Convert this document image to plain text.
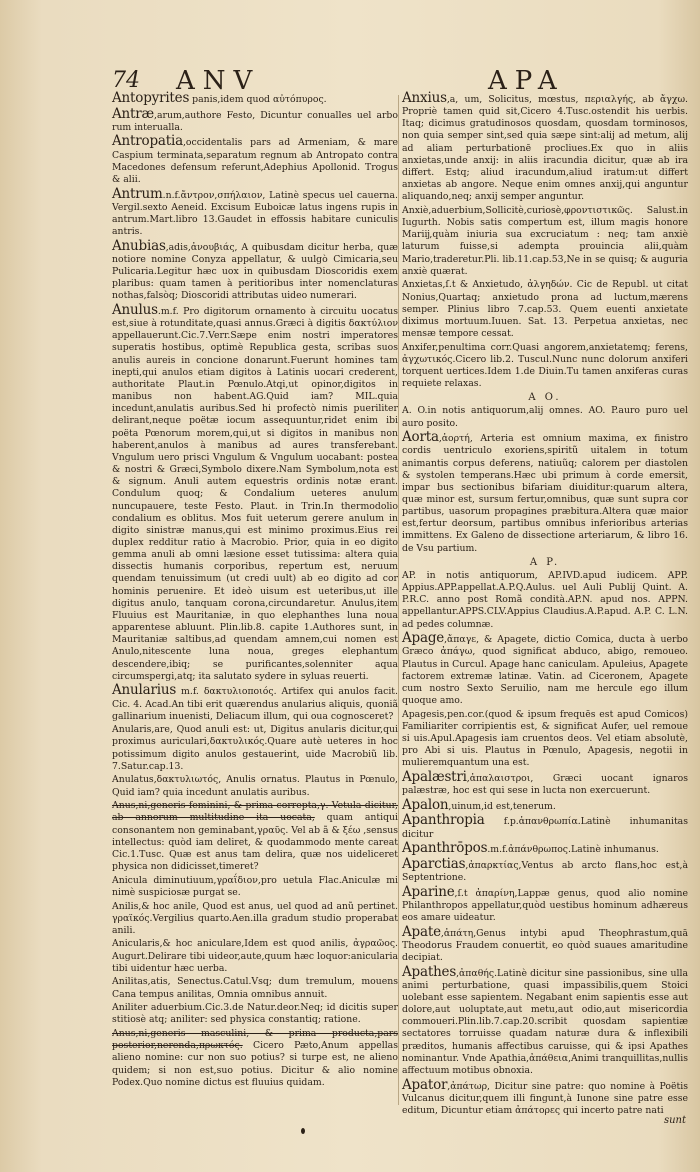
74 ANV	APA
Antopyrites panis,idem quod αὐτόπυρος.
Antræ,arum,authore Festo, Dicuntur conualles uel arbo rum interualla.
Antropatia,occidentalis pars ad Armeniam, & mare Caspium terminata,separatum regnum ab Antropato contra Macedones defensum referunt,Adephius Apollonid. Trogus & alii.
Antrum.n.f.ἄντρον,σπήλαιον, Latinè specus uel cauerna. Vergil.sexto Aeneid. Excisum Euboicæ latus ingens rupis in antrum.Mart.libro 13.Gaudet in effossis habitare cuniculis antris.
Anubias,adis,ἀνουβιάς, A quibusdam dicitur herba, quæ notiore nomine Conyza appellatur, & uulgò Cimicaria,seu Pulicaria.Legitur hæc uox in quibusdam Dioscoridis exem plaribus: quam tamen à peritioribus inter nomenclaturas nothas,falsòq; Dioscoridi attributas uideo numerari.
Anulus.m.f. Pro digitorum ornamento à circuitu uocatus est,siue à rotunditate,quasi annus.Græci à digitis δακτύλιον appellauerunt.Cic.7.Verr.Sæpe enim nostri imperatores superatis hostibus, optimè Republica gesta, scribas suos anulis aureis in concione donarunt.Fuerunt homines tam inepti,qui anulos etiam digitos à Latinis uocari crederent, authoritate Plaut.in Pœnulo.Atqi,ut opinor,digitos in manibus non habent.AG.Quid iam? MIL.quia incedunt,anulatis auribus.Sed hi profectò nimis pueriliter delirant,neque poëtæ iocum assequuntur,ridet enim ibi poëta Pœnorum morem,qui,ut si digitos in manibus non haberent,anulos à manibus ad aures transferebant. Vngulum uero prisci Vngulum & Vngulum uocabant: postea & nostri & Græci,Symbolo dixere.Nam Symbolum,nota est & signum. Anuli autem equestris ordinis notæ erant. Condulum quoq; & Condalium ueteres anulum nuncupauere, teste Festo. Plaut. in Trin.In thermodolio condalium es oblitus. Mos fuit ueterum gerere anulum in digito sinistræ manus,qui est minimo proximus.Eius rei duplex redditur ratio à Macrobio. Prior, quia in eo digito gemma anuli ab omni læsione esset tutissima: altera quia dissectis humanis corporibus, repertum est, neruum quendam tenuissimum (ut credi uult) ab eo digito ad cor hominis peruenire. Et ideò uisum est ueteribus,ut ille digitus anulo, tanquam corona,circundaretur. Anulus,item Fluuius est Mauritaniæ, in quo elephanthes luna noua apparentese abluunt. Plin.lib.8. capite 1.Authores sunt, in Mauritaniæ saltibus,ad quendam amnem,cui nomen est Anulo,nitescente luna noua, greges elephantum descendere,ibiq; se purificantes,solenniter aqua circumspergi,atq; ita salutato sydere in syluas reuerti.
Anularius m.f. δακτυλιοποιός. Artifex qui anulos facit. Cic. 4. Acad.An tibi erit quærendus anularius aliquis, quoniã gallinarium inuenisti, Deliacum illum, qui oua cognosceret?
Anularis,are, Quod anuli est: ut, Digitus anularis dicitur,qui proximus auriculari,δακτυλικός.Quare autè ueteres in hoc potissimum digito anulos gestauerint, uide Macrobiũ lib. 7.Satur.cap.13.
Anulatus,δακτυλιωτός, Anulis ornatus. Plautus in Pœnulo, Quid iam? quia incedunt anulatis auribus.
Anus,ni,generis feminini, & prima correpta,γ. Vetula dicitur, ab annorum multitudine ita uocata, quam antiqui consonantem non geminabant,γραῦς. Vel ab ã & ξέω ,sensus intellectus: quòd iam deliret, & quodammodo mente careat Cic.1.Tusc. Quæ est anus tam delira, quæ nos uideliceret physica non didicisset,timeret?
Anicula diminutiuum,γραΐδιον,pro uetula Flac.Aniculæ mi nimè suspiciosæ purgat se.
Anilis,& hoc anile, Quod est anus, uel quod ad anũ pertinet. γραϊκός.Vergilius quarto.Aen.illa gradum studio properabat anili.
Anicularis,& hoc aniculare,Idem est quod anilis, ἀγραῶος. Augurt.Delirare tibi uideor,aute,quum hæc loquor:anicularia tibi uidentur hæc uerba.
Anilitas,atis, Senectus.Catul.Vsq; dum tremulum, mouens Cana tempus anilitas, Omnia omnibus annuit.
Aniliter aduerbium.Cic.3.de Natur.deor.Neq; id dicitis super stitiosè atq; aniliter: sed physica constantiq; ratione.
Anus,ni,generis masculini, & prima producta,pars posterior,nerenda,πρωκτός. Cicero Pæto,Anum appellas alieno nomine: cur non suo potius? si turpe est, ne alieno quidem; si non est,suo potius. Dicitur & alio nomine Podex.Quo nomine dictus est fluuius quidam.
Anxius,a, um, Solicitus, mœstus, περιαλγής, ab ἄγχω. Propriè tamen quid sit,Cicero 4.Tusc.ostendit his uerbis. Itaq; dicimus gratudinosos quosdam, quosdam torminosos, non quia semper sint,sed quia sæpe sint:alij ad metum, alij ad aliam perturbationē procliues.Ex quo in aliis anxietas,unde anxij: in aliis iracundia dicitur, quæ ab ira differt. Estq; aliud iracundum,aliud iratum:ut differt anxietas ab angore. Neque enim omnes anxij,qui anguntur aliquando,neq; anxij semper anguntur.
Anxiè,aduerbium,Sollicitè,curiosè,φροντιστικῶς. Salust.in Iugurth. Nobis satis compertum est, illum magis honore Mariĳ,quàm iniuria sua excruciatum : neq; tam anxiè laturum fuisse,si adempta prouincia alii,quàm Mario,traderetur.Pli. lib.11.cap.53,Ne in se quisq; & auguria anxiè quærat.
Anxietas,ſ.t & Anxietudo, ἀλγηδών. Cic de Republ. ut citat Nonius,Quartaq; anxietudo prona ad luctum,mærens semper. Plinius libro 7.cap.53. Quem euenti anxietate diximus mortuum.Iuuen. Sat. 13. Perpetua anxietas, nec mensæ tempore cessat.
Anxifer,penultima corr.Quasi angorem,anxietatemq; ferens, ἀγχωτικός.Cicero lib.2. Tuscul.Nunc nunc dolorum anxiferi torquent uertices.Idem 1.de Diuin.Tu tamen anxiferas curas requiete relaxas.
A O.
A. O.in notis antiquorum,alij omnes. AO. P.auro puro uel auro posito.
Aorta,ἀορτή, Arteria est omnium maxima, ex finistro cordis uentriculo exoriens,spiritũ uitalem in totum animantis corpus deferens, natiuũq; calorem per diastolen & systolen temperans.Hæc ubi primum à corde emersit, impar bus sectionibus bifariam diuiditur:quarum altera, quæ minor est, sursum fertur,omnibus, quæ sunt supra cor partibus, uasorum propagines præbitura.Altera quæ maior est,fertur deorsum, partibus omnibus inferioribus arterias immittens. Ex Galeno de dissectione arteriarum, & libro 16. de Vsu partium.
A P.
AP. in notis antiquorum, AP.IVD.apud iudicem. APP. Appius.APP.appellat.A.P.Q.Aulus. uel Auli Publij Quint. A. P.R.C. anno post Romã condità.AP.N. apud nos. APPN. appellantur.APPS.CLV.Appius Claudius.A.P.apud. A.P. C. L.N. ad pedes columnæ.
Apage,ἄπαγε, & Apagete, dictio Comica, ducta à uerbo Græco ἀπάγω, quod significat abduco, abigo, remoueo. Plautus in Curcul. Apage hanc caniculam. Apuleius, Apagete factorem extremæ latinæ. Vatin. ad Ciceronem, Apagete cum nostro Sexto Seruilio, nam me hercule ego illum quoque amo.
Apagesis,pen.cor.(quod & ipsum frequēs est apud Comicos) Familiariter corripientis est, & significat Aufer, uel remoue si uis.Apul.Apagesis iam cruentos deos. Vel etiam absolutè, pro Abi si uis. Plautus in Pœnulo, Apagesis, negotii in mulieremquantum una est.
Apalæstri,ἀπαλαιστροι, Græci uocant ignaros palæstræ, hoc est qui sese in lucta non exercuerunt.
Apalon,uinum,id est,tenerum.
Apanthropia f.p.ἀπανθρωπία.Latinè inhumanitas dicitur
Apanthrōpos.m.f.ἀπάνθρωπος.Latinè inhumanus.
Aparctias,ἀπαρκτίας,Ventus ab arcto flans,hoc est,à Septentrione.
Aparine,ſ.t ἀπαρίνη,Lappæ genus, quod alio nomine Philanthropos appellatur,quòd uestibus hominum adhæreus eos amare uideatur.
Apate,ἀπάτη,Genus intybi apud Theophrastum,quā Theodorus Fraudem conuertit, eo quòd suaues amaritudine decipiat.
Apathes,ἀπαθής.Latinè dicitur sine passionibus, sine ulla animi perturbatione, quasi impassibilis,quem Stoici uolebant esse sapientem. Negabant enim sapientis esse aut dolore,aut uoluptate,aut metu,aut odio,aut misericordia commoueri.Plin.lib.7.cap.20.scribit quosdam sapientiæ sectatores torruisse quadam naturæ dura & inflexibili præditos, humanis affectibus caruisse, qui & ipsi Apathes nominantur. Vnde Apathia,ἀπάθεια,Animi tranquillitas,nullis affectuum motibus obnoxia.
Apator,ἀπάτωρ, Dicitur sine patre: quo nomine à Poëtis Vulcanus dicitur,quem illi fingunt,à Iunone sine patre esse editum, Dicuntur etiam ἀπάτορες qui incerto patre nati
sunt
